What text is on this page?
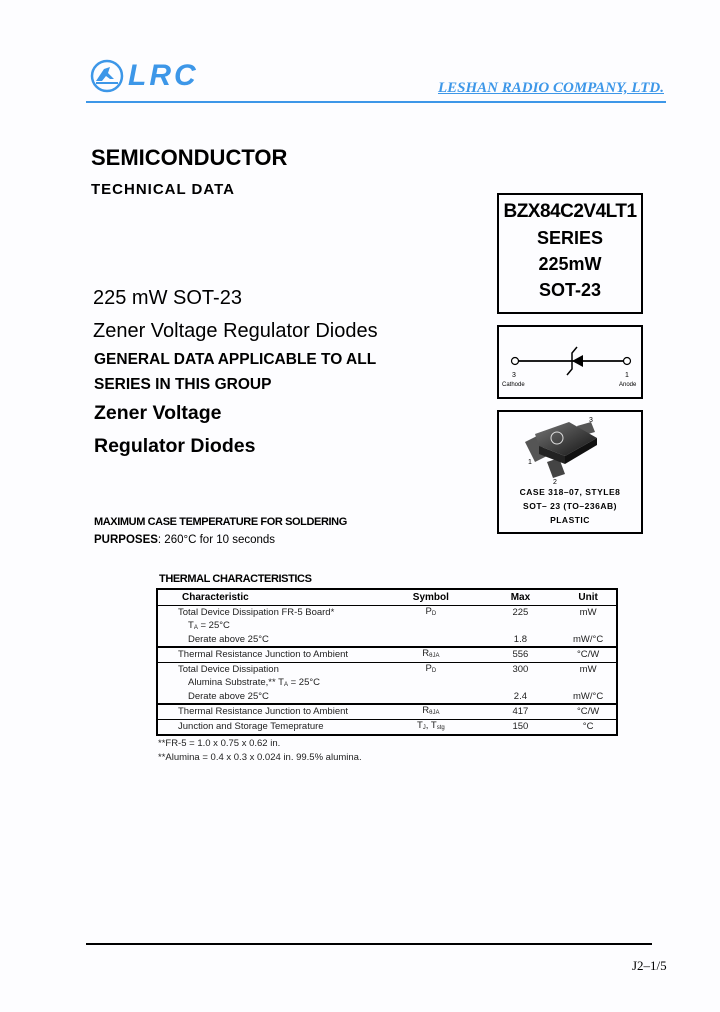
LRC	LESHAN RADIO COMPANY, LTD.
SEMICONDUCTOR
TECHNICAL DATA
BZX84C2V4LT1
SERIES
225mW
SOT-23
3
Cathode
1
Anode
3
1
2
CASE 318–07, STYLE8
SOT– 23 (TO–236AB)
PLASTIC
225 mW SOT-23
Zener Voltage Regulator Diodes
GENERAL DATA APPLICABLE TO ALL
SERIES IN THIS GROUP
Zener Voltage
Regulator Diodes
MAXIMUM CASE TEMPERATURE FOR SOLDERING
PURPOSES: 260°C for 10 seconds
THERMAL CHARACTERISTICS
Characteristic	Symbol	Max	Unit
Total Device Dissipation FR-5 Board*	$P_D$	225	mW
$T_A = 25^\circ C$			
Derate above 25°C		1.8	mW/°C
Thermal Resistance Junction to Ambient	$R_{\theta JA}$	556	°C/W
Total Device Dissipation	$P_D$	300	mW
Alumina Substrate,** $T_A = 25^\circ C$			
Derate above 25°C		2.4	mW/°C
Thermal Resistance Junction to Ambient	$R_{\theta JA}$	417	°C/W
Junction and Storage Temeprature	$T_J$, $T_{stg}$	150	°C
**FR-5 = 1.0 x 0.75 x 0.62 in.
**Alumina = 0.4 x 0.3 x 0.024 in. 99.5% alumina.
J2–1/5
